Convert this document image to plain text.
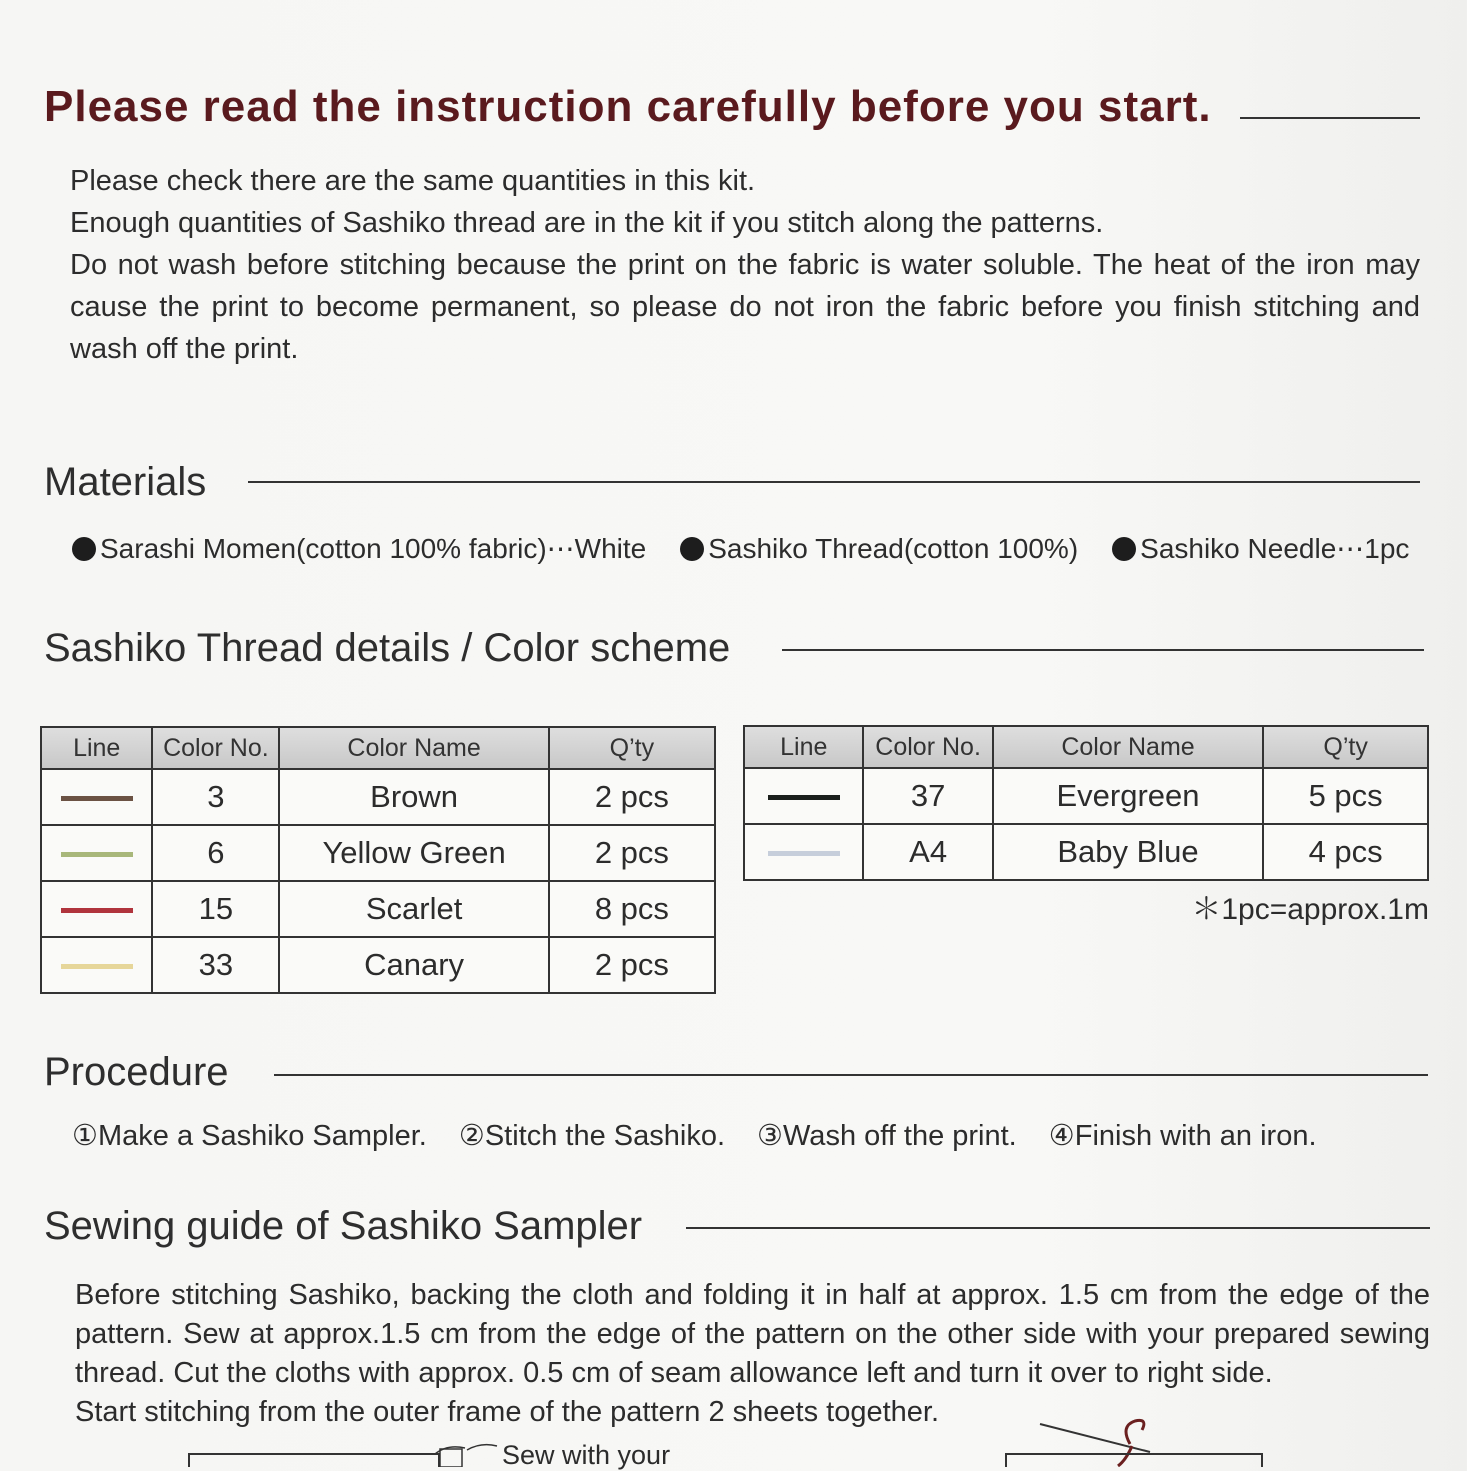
Please read the instruction carefully before you start.

Please check there are the same quantities in this kit.

Enough quantities of Sashiko thread are in the kit if you stitch along the patterns.

Do not wash before stitching because the print on the fabric is water soluble. The heat of the iron may cause the print to become permanent, so please do not iron the fabric before you finish stitching and wash off the print.

Materials
Sarashi Momen(cotton 100% fabric)⋯White Sashiko Thread(cotton 100%) Sashiko Needle⋯1pc
Sashiko Thread details / Color scheme
Line	Color No.	Color Name	Q’ty
	3	Brown	2 pcs
	6	Yellow Green	2 pcs
	15	Scarlet	8 pcs
	33	Canary	2 pcs
Line	Color No.	Color Name	Q’ty
	37	Evergreen	5 pcs
	A4	Baby Blue	4 pcs
＊1pc=approx.1m
Procedure
①Make a Sashiko Sampler. ②Stitch the Sashiko. ③Wash off the print. ④Finish with an iron.
Sewing guide of Sashiko Sampler

Before stitching Sashiko, backing the cloth and folding it in half at approx. 1.5 cm from the edge of the

pattern. Sew at approx.1.5 cm from the edge of the pattern on the other side with your prepared sewing

thread. Cut the cloths with approx. 0.5 cm of seam allowance left and turn it over to right side.

Start stitching from the outer frame of the pattern 2 sheets together.

Sew with your
